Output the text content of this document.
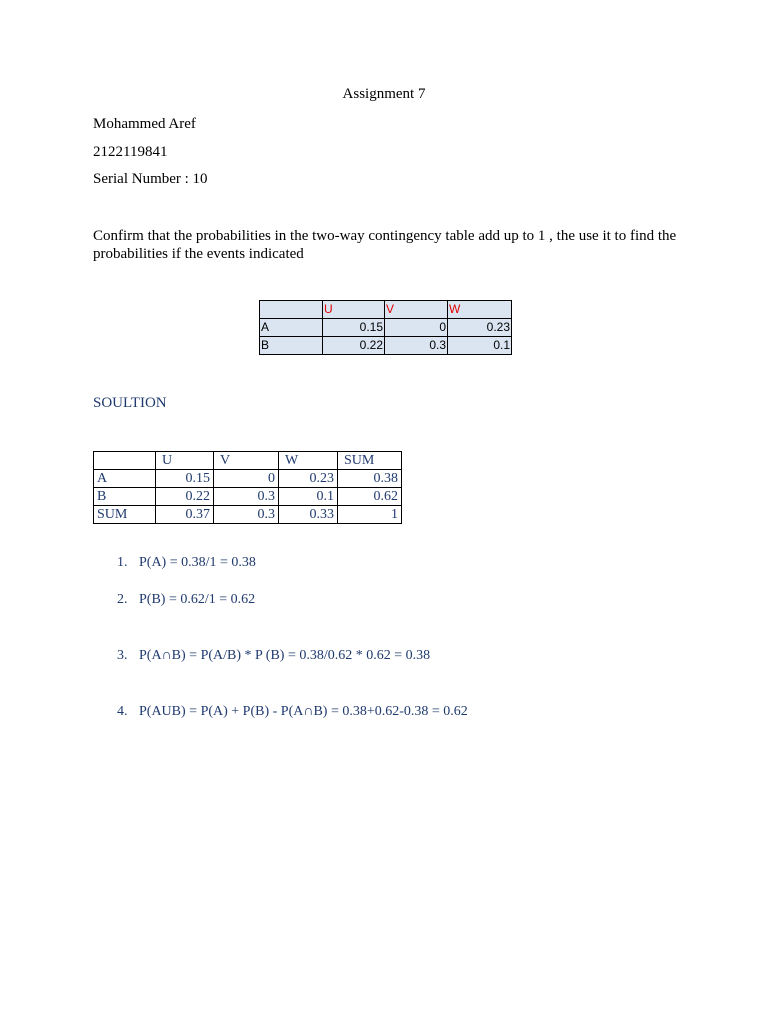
Assignment 7
Mohammed Aref
2122119841
Serial Number : 10
Confirm that the probabilities in the two-way contingency table add up to 1 , the use it to find the probabilities if the events indicated
	U	V	W
A	0.15	0	0.23
B	0.22	0.3	0.1
SOULTION
	U	V	W	SUM
A	0.15	0	0.23	0.38
B	0.22	0.3	0.1	0.62
SUM	0.37	0.3	0.33	1
1. P(A) = 0.38/1 = 0.38
2. P(B) = 0.62/1 = 0.62
3. P(A∩B) = P(A/B) * P (B) = 0.38/0.62 * 0.62 = 0.38
4. P(AUB) = P(A) + P(B) - P(A∩B) = 0.38+0.62-0.38 = 0.62
